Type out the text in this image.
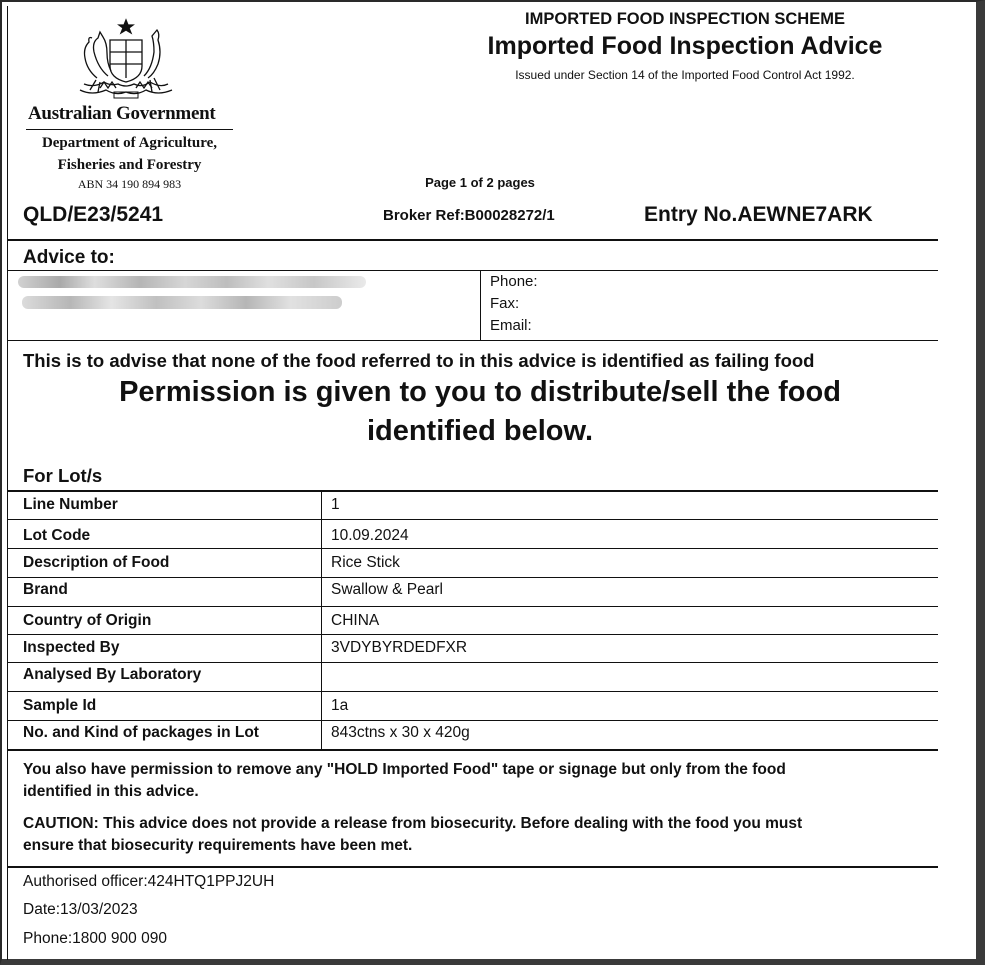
Australian Government
Department of Agriculture,
Fisheries and Forestry
ABN 34 190 894 983
IMPORTED FOOD INSPECTION SCHEME
Imported Food Inspection Advice
Issued under Section 14 of the Imported Food Control Act 1992.
Page 1 of 2 pages
QLD/E23/5241	Broker Ref:B00028272/1	Entry No.AEWNE7ARK
Advice to:
Phone:
Fax:
Email:
This is to advise that none of the food referred to in this advice is identified as failing food
Permission is given to you to distribute/sell the food
identified below.
For Lot/s
Line Number	1
Lot Code	10.09.2024
Description of Food	Rice Stick
Brand	Swallow & Pearl
Country of Origin	CHINA
Inspected By	3VDYBYRDEDFXR
Analysed By Laboratory
Sample Id	1a
No. and Kind of packages in Lot	843ctns x 30 x 420g
You also have permission to remove any "HOLD Imported Food" tape or signage but only from the food
identified in this advice.
CAUTION: This advice does not provide a release from biosecurity. Before dealing with the food you must
ensure that biosecurity requirements have been met.
Authorised officer:424HTQ1PPJ2UH
Date:13/03/2023
Phone:1800 900 090
